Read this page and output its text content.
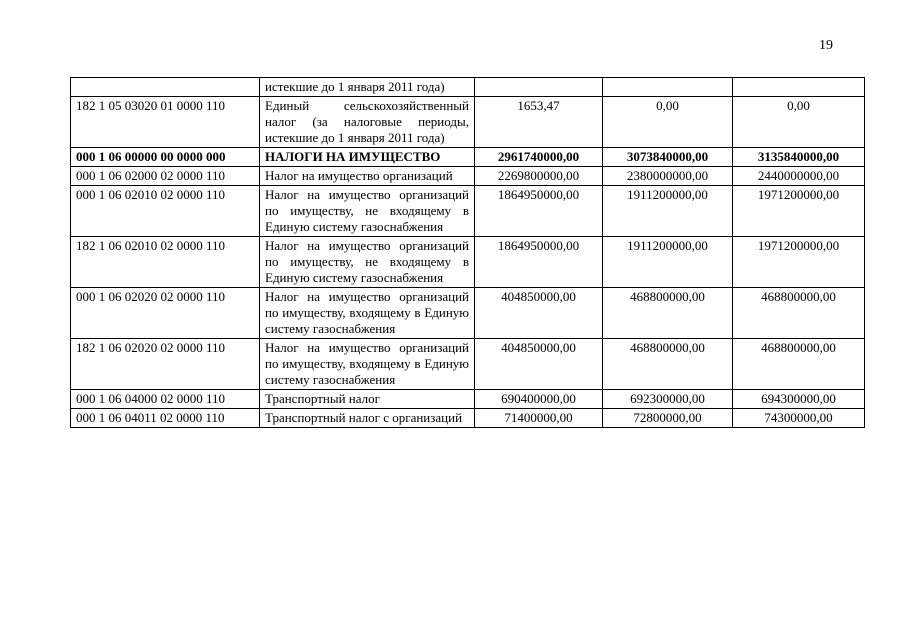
19
	истекшие до 1 января 2011 года)			
182 1 05 03020 01 0000 110	Единый сельскохозяйственный налог (за налоговые периоды, истекшие до 1 января 2011 года)	1653,47	0,00	0,00
000 1 06 00000 00 0000 000	НАЛОГИ НА ИМУЩЕСТВО	2961740000,00	3073840000,00	3135840000,00
000 1 06 02000 02 0000 110	Налог на имущество организаций	2269800000,00	2380000000,00	2440000000,00
000 1 06 02010 02 0000 110	Налог на имущество организаций по имуществу, не входящему в Единую систему газоснабжения	1864950000,00	1911200000,00	1971200000,00
182 1 06 02010 02 0000 110	Налог на имущество организаций по имуществу, не входящему в Единую систему газоснабжения	1864950000,00	1911200000,00	1971200000,00
000 1 06 02020 02 0000 110	Налог на имущество организаций по имуществу, входящему в Единую систему газоснабжения	404850000,00	468800000,00	468800000,00
182 1 06 02020 02 0000 110	Налог на имущество организаций по имуществу, входящему в Единую систему газоснабжения	404850000,00	468800000,00	468800000,00
000 1 06 04000 02 0000 110	Транспортный налог	690400000,00	692300000,00	694300000,00
000 1 06 04011 02 0000 110	Транспортный налог с организаций	71400000,00	72800000,00	74300000,00
